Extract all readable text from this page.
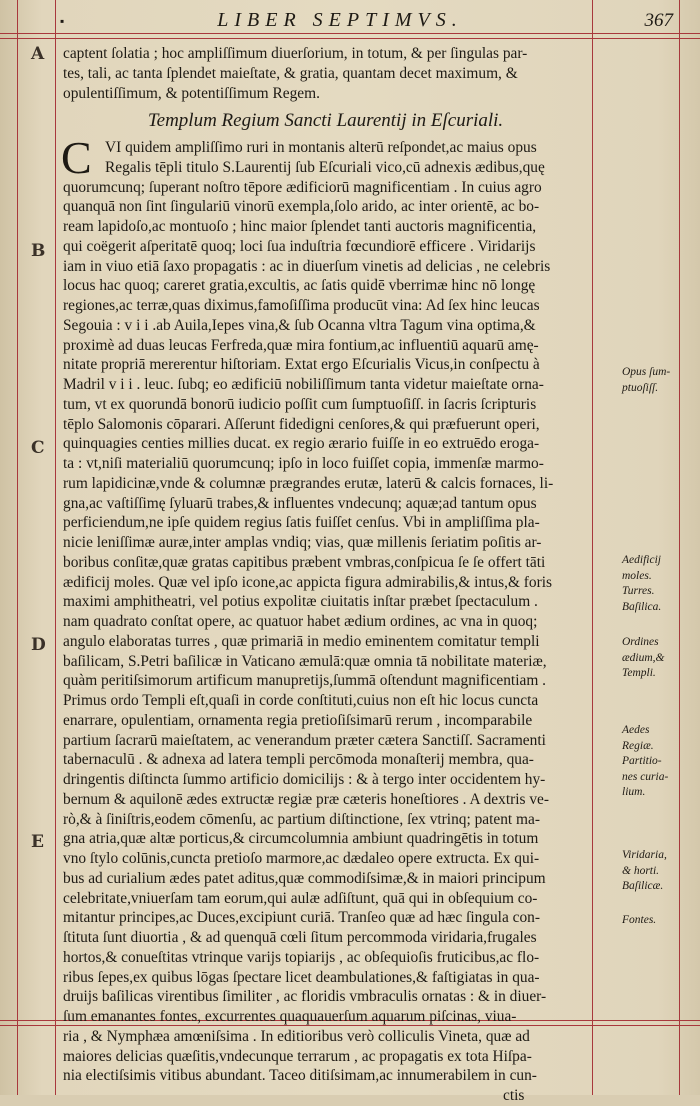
▪	LIBER SEPTIMVS.	367
A
B
C
D
E
captent ſolatia ; hoc ampliſſimum diuerſorium, in totum, & per ſingulas par-
tes, tali, ac tanta ſplendet maieſtate, & gratia, quantam decet maximum, &
opulentiſſimum, & potentiſſimum Regem.
Templum Regium Sancti Laurentij in Eſcuriali.
C VI quidem ampliſſimo ruri in montanis alterū reſpondet,ac maius opus
Regalis tēpli titulo S.Laurentij ſub Eſcuriali vico,cū adnexis ædibus,quę
quorumcunq; ſuperant noſtro tēpore ædificiorū magnificentiam . In cuius agro
quanquā non ſint ſingulariū vinorū exempla,ſolo arido, ac inter orientē, ac bo-
ream lapidoſo,ac montuoſo ; hinc maior ſplendet tanti auctoris magnificentia,
qui coëgerit aſperitatē quoq; loci ſua induſtria fœcundiorē efficere . Viridarijs
iam in viuo etiā ſaxo propagatis : ac in diuerſum vinetis ad delicias , ne celebris
locus hac quoq; careret gratia,excultis, ac ſatis quidē vberrimæ hinc nō longę
regiones,ac terræ,quas diximus,famoſiſſima producūt vina: Ad ſex hinc leucas
Segouia : v i i .ab Auila,Iepes vina,& ſub Ocanna vltra Tagum vina optima,&
proximè ad duas leucas Ferfreda,quæ mira fontium,ac influentiū aquarū amę-
nitate propriā mererentur hiſtoriam. Extat ergo Eſcurialis Vicus,in conſpectu à
Madril v i i . leuc. ſubq; eo ædificiū nobiliſſimum tanta videtur maieſtate orna-
tum, vt ex quorundā bonorū iudicio poſſit cum ſumptuoſiſſ. in ſacris ſcripturis
tēplo Salomonis cōparari. Aſſerunt fidedigni cenſores,& qui præfuerunt operi,
quinquagies centies millies ducat. ex regio ærario fuiſſe in eo extruēdo eroga-
ta : vt,niſi materialiū quorumcunq; ipſo in loco fuiſſet copia, immenſæ marmo-
rum lapidicinæ,vnde & columnæ prægrandes erutæ, laterū & calcis fornaces, li-
gna,ac vaſtiſſimę ſyluarū trabes,& influentes vndecunq; aquæ;ad tantum opus
perficiendum,ne ipſe quidem regius ſatis fuiſſet cenſus. Vbi in ampliſſima pla-
nicie leniſſimæ auræ,inter amplas vndiq; vias, quæ millenis ſeriatim poſitis ar-
boribus conſitæ,quæ gratas capitibus præbent vmbras,conſpicua ſe ſe offert tāti
ædificij moles. Quæ vel ipſo icone,ac appicta figura admirabilis,& intus,& foris
maximi amphitheatri, vel potius expolitæ ciuitatis inſtar præbet ſpectaculum .
nam quadrato conſtat opere, ac quatuor habet ædium ordines, ac vna in quoq;
angulo elaboratas turres , quæ primariā in medio eminentem comitatur templi
baſilicam, S.Petri baſilicæ in Vaticano æmulā:quæ omnia tā nobilitate materiæ,
quàm peritiſsimorum artificum manupretijs,ſummā oſtendunt magnificentiam .
Primus ordo Templi eſt,quaſi in corde conſtituti,cuius non eſt hic locus cuncta
enarrare, opulentiam, ornamenta regia pretioſiſsimarū rerum , incomparabile
partium ſacrarū maieſtatem, ac venerandum præter cætera Sanctiſſ. Sacramenti
tabernaculū . & adnexa ad latera templi percōmoda monaſterij membra, qua-
dringentis diſtincta ſummo artificio domicilijs : & à tergo inter occidentem hy-
bernum & aquilonē ædes extructæ regiæ præ cæteris honeſtiores . A dextris ve-
rò,& à ſiniſtris,eodem cōmenſu, ac partium diſtinctione, ſex vtrinq; patent ma-
gna atria,quæ altæ porticus,& circumcolumnia ambiunt quadringētis in totum
vno ſtylo colūnis,cuncta pretioſo marmore,ac dædaleo opere extructa. Ex qui-
bus ad curialium ædes patet aditus,quæ commodiſsimæ,& in maiori principum
celebritate,vniuerſam tam eorum,qui aulæ adſiſtunt, quā qui in obſequium co-
mitantur principes,ac Duces,excipiunt curiā. Tranſeo quæ ad hæc ſingula con-
ſtituta ſunt diuortia , & ad quenquā cœli ſitum percommoda viridaria,frugales
hortos,& conueſtitas vtrinque varijs topiarijs , ac obſequioſis fruticibus,ac flo-
ribus ſepes,ex quibus lōgas ſpectare licet deambulationes,& faſtigiatas in qua-
druijs baſilicas virentibus ſimiliter , ac floridis vmbraculis ornatas : & in diuer-
ſum emanantes fontes, excurrentes quaquauerſum aquarum piſcinas, viua-
ria , & Nymphæa amœniſsima . In editioribus verò colliculis Vineta, quæ ad
maiores delicias quæſitis,vndecunque terrarum , ac propagatis ex tota Hiſpa-
nia electiſsimis vitibus abundant. Taceo ditiſsimam,ac innumerabilem in cun-
ctis
Opus ſum-
ptuoſiſſ.
Aedificij
moles.
Turres.
Baſilica.
Ordines
ædium,&
Templi.
Aedes
Regiæ.
Partitio-
nes curia-
lium.
Viridaria,
& horti.
Baſilicæ.
Fontes.
